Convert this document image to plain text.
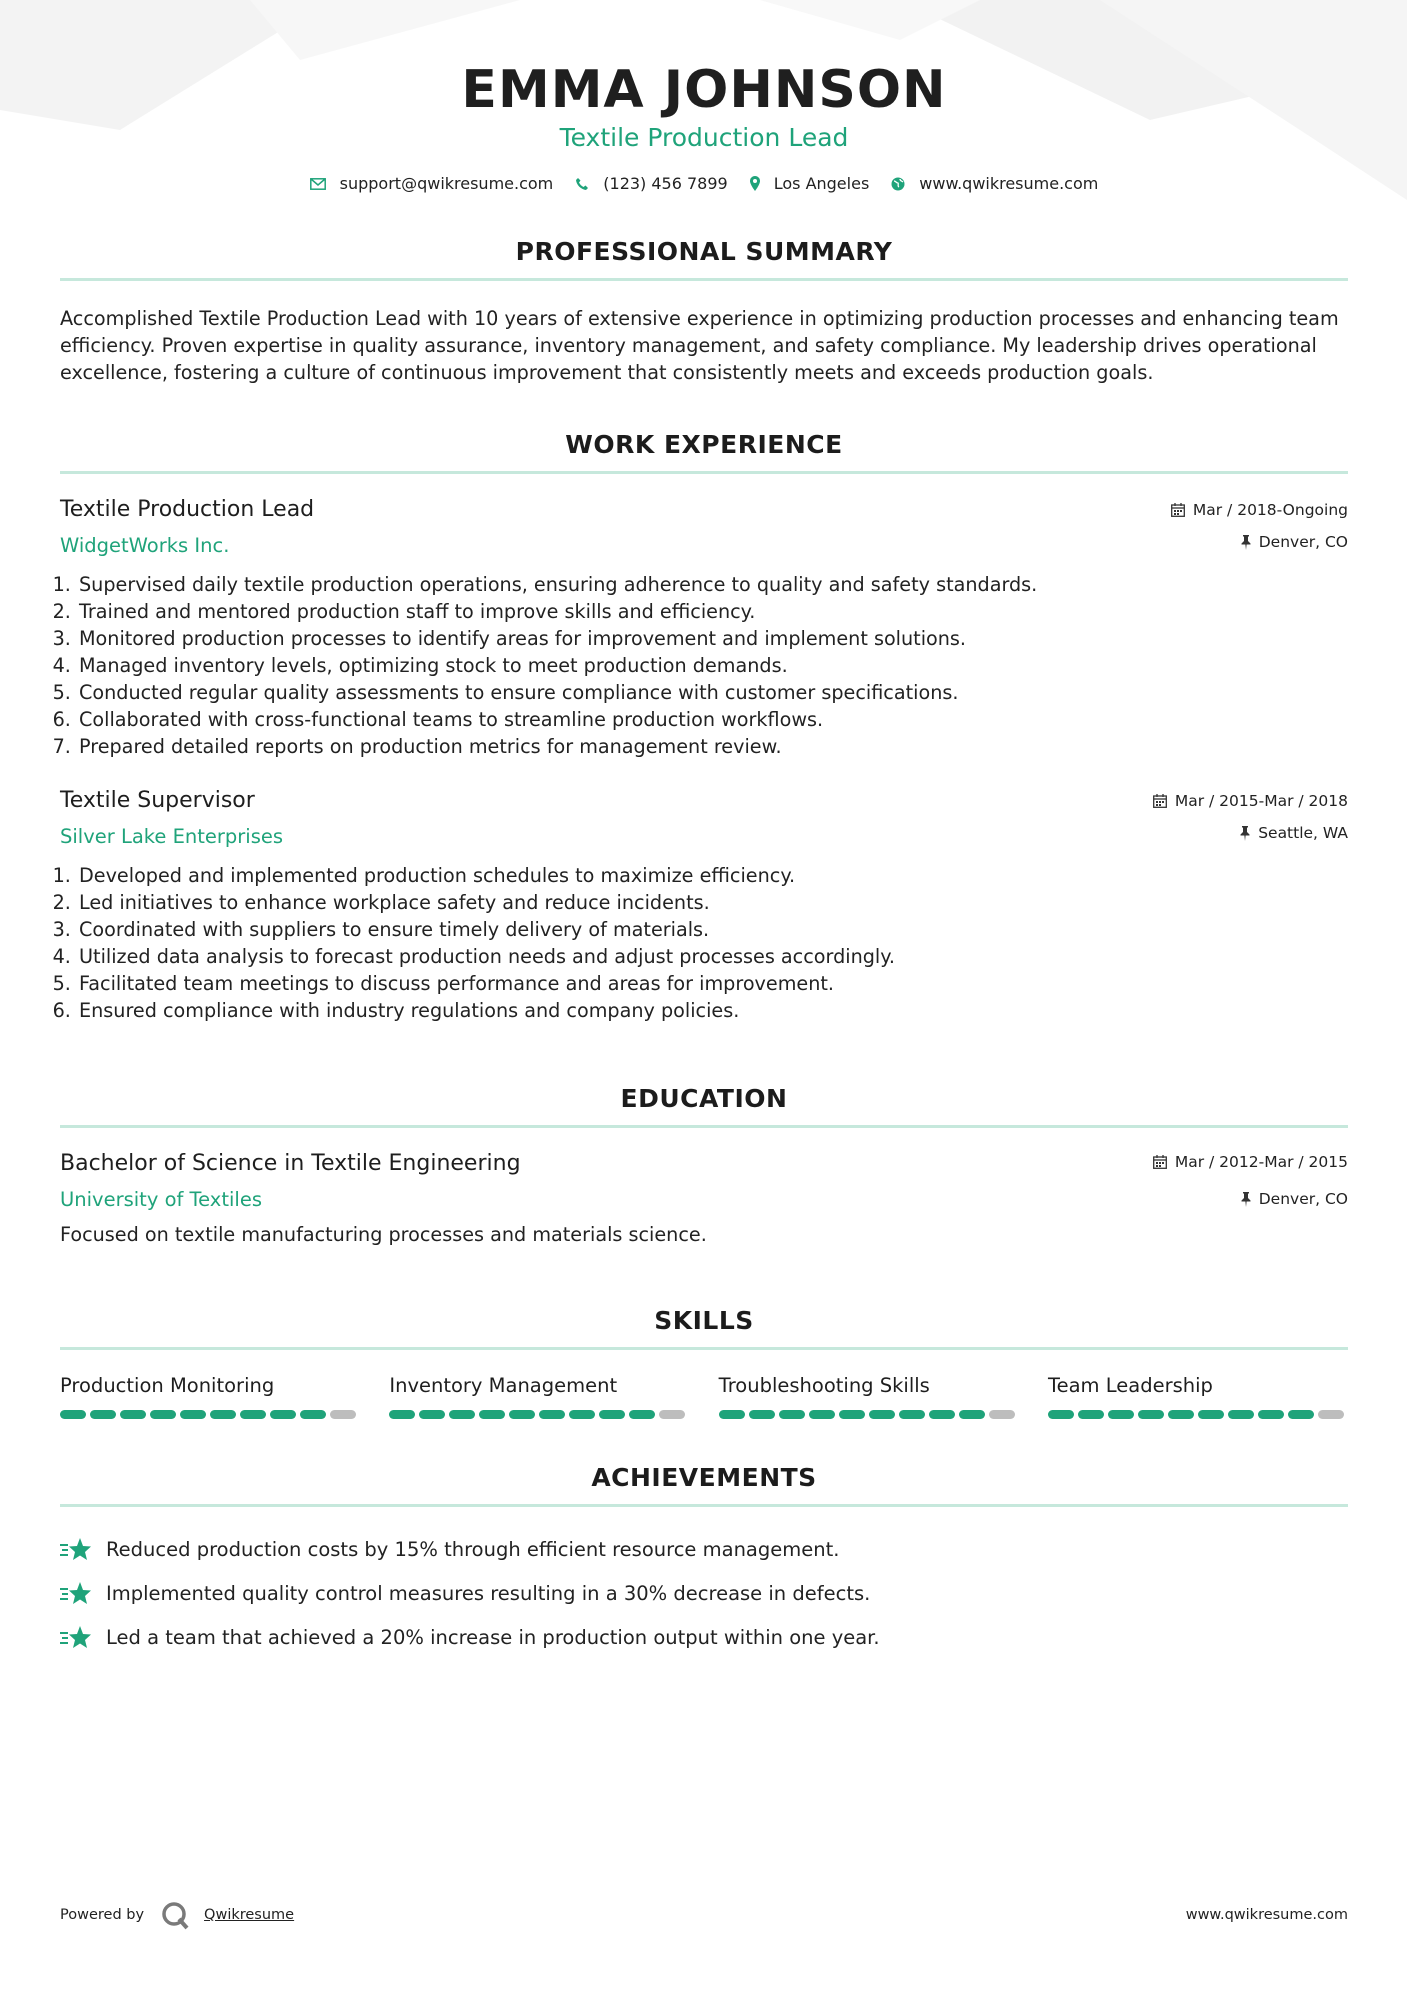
EMMA JOHNSON
Textile Production Lead
support@qwikresume.com	(123) 456 7899	Los Angeles	www.qwikresume.com
PROFESSIONAL SUMMARY
Accomplished Textile Production Lead with 10 years of extensive experience in optimizing production processes and enhancing team efficiency. Proven expertise in quality assurance, inventory management, and safety compliance. My leadership drives operational excellence, fostering a culture of continuous improvement that consistently meets and exceeds production goals.
WORK EXPERIENCE
Textile Production Lead
WidgetWorks Inc.
Mar / 2018-Ongoing
Denver, CO
1. Supervised daily textile production operations, ensuring adherence to quality and safety standards.
2. Trained and mentored production staff to improve skills and efficiency.
3. Monitored production processes to identify areas for improvement and implement solutions.
4. Managed inventory levels, optimizing stock to meet production demands.
5. Conducted regular quality assessments to ensure compliance with customer specifications.
6. Collaborated with cross-functional teams to streamline production workflows.
7. Prepared detailed reports on production metrics for management review.
Textile Supervisor
Silver Lake Enterprises
Mar / 2015-Mar / 2018
Seattle, WA
1. Developed and implemented production schedules to maximize efficiency.
2. Led initiatives to enhance workplace safety and reduce incidents.
3. Coordinated with suppliers to ensure timely delivery of materials.
4. Utilized data analysis to forecast production needs and adjust processes accordingly.
5. Facilitated team meetings to discuss performance and areas for improvement.
6. Ensured compliance with industry regulations and company policies.
EDUCATION
Bachelor of Science in Textile Engineering
University of Textiles
Mar / 2012-Mar / 2015
Denver, CO
Focused on textile manufacturing processes and materials science.
SKILLS
Production Monitoring	Inventory Management	Troubleshooting Skills	Team Leadership
ACHIEVEMENTS
Reduced production costs by 15% through efficient resource management.
Implemented quality control measures resulting in a 30% decrease in defects.
Led a team that achieved a 20% increase in production output within one year.
Powered by	Qwikresume	www.qwikresume.com
